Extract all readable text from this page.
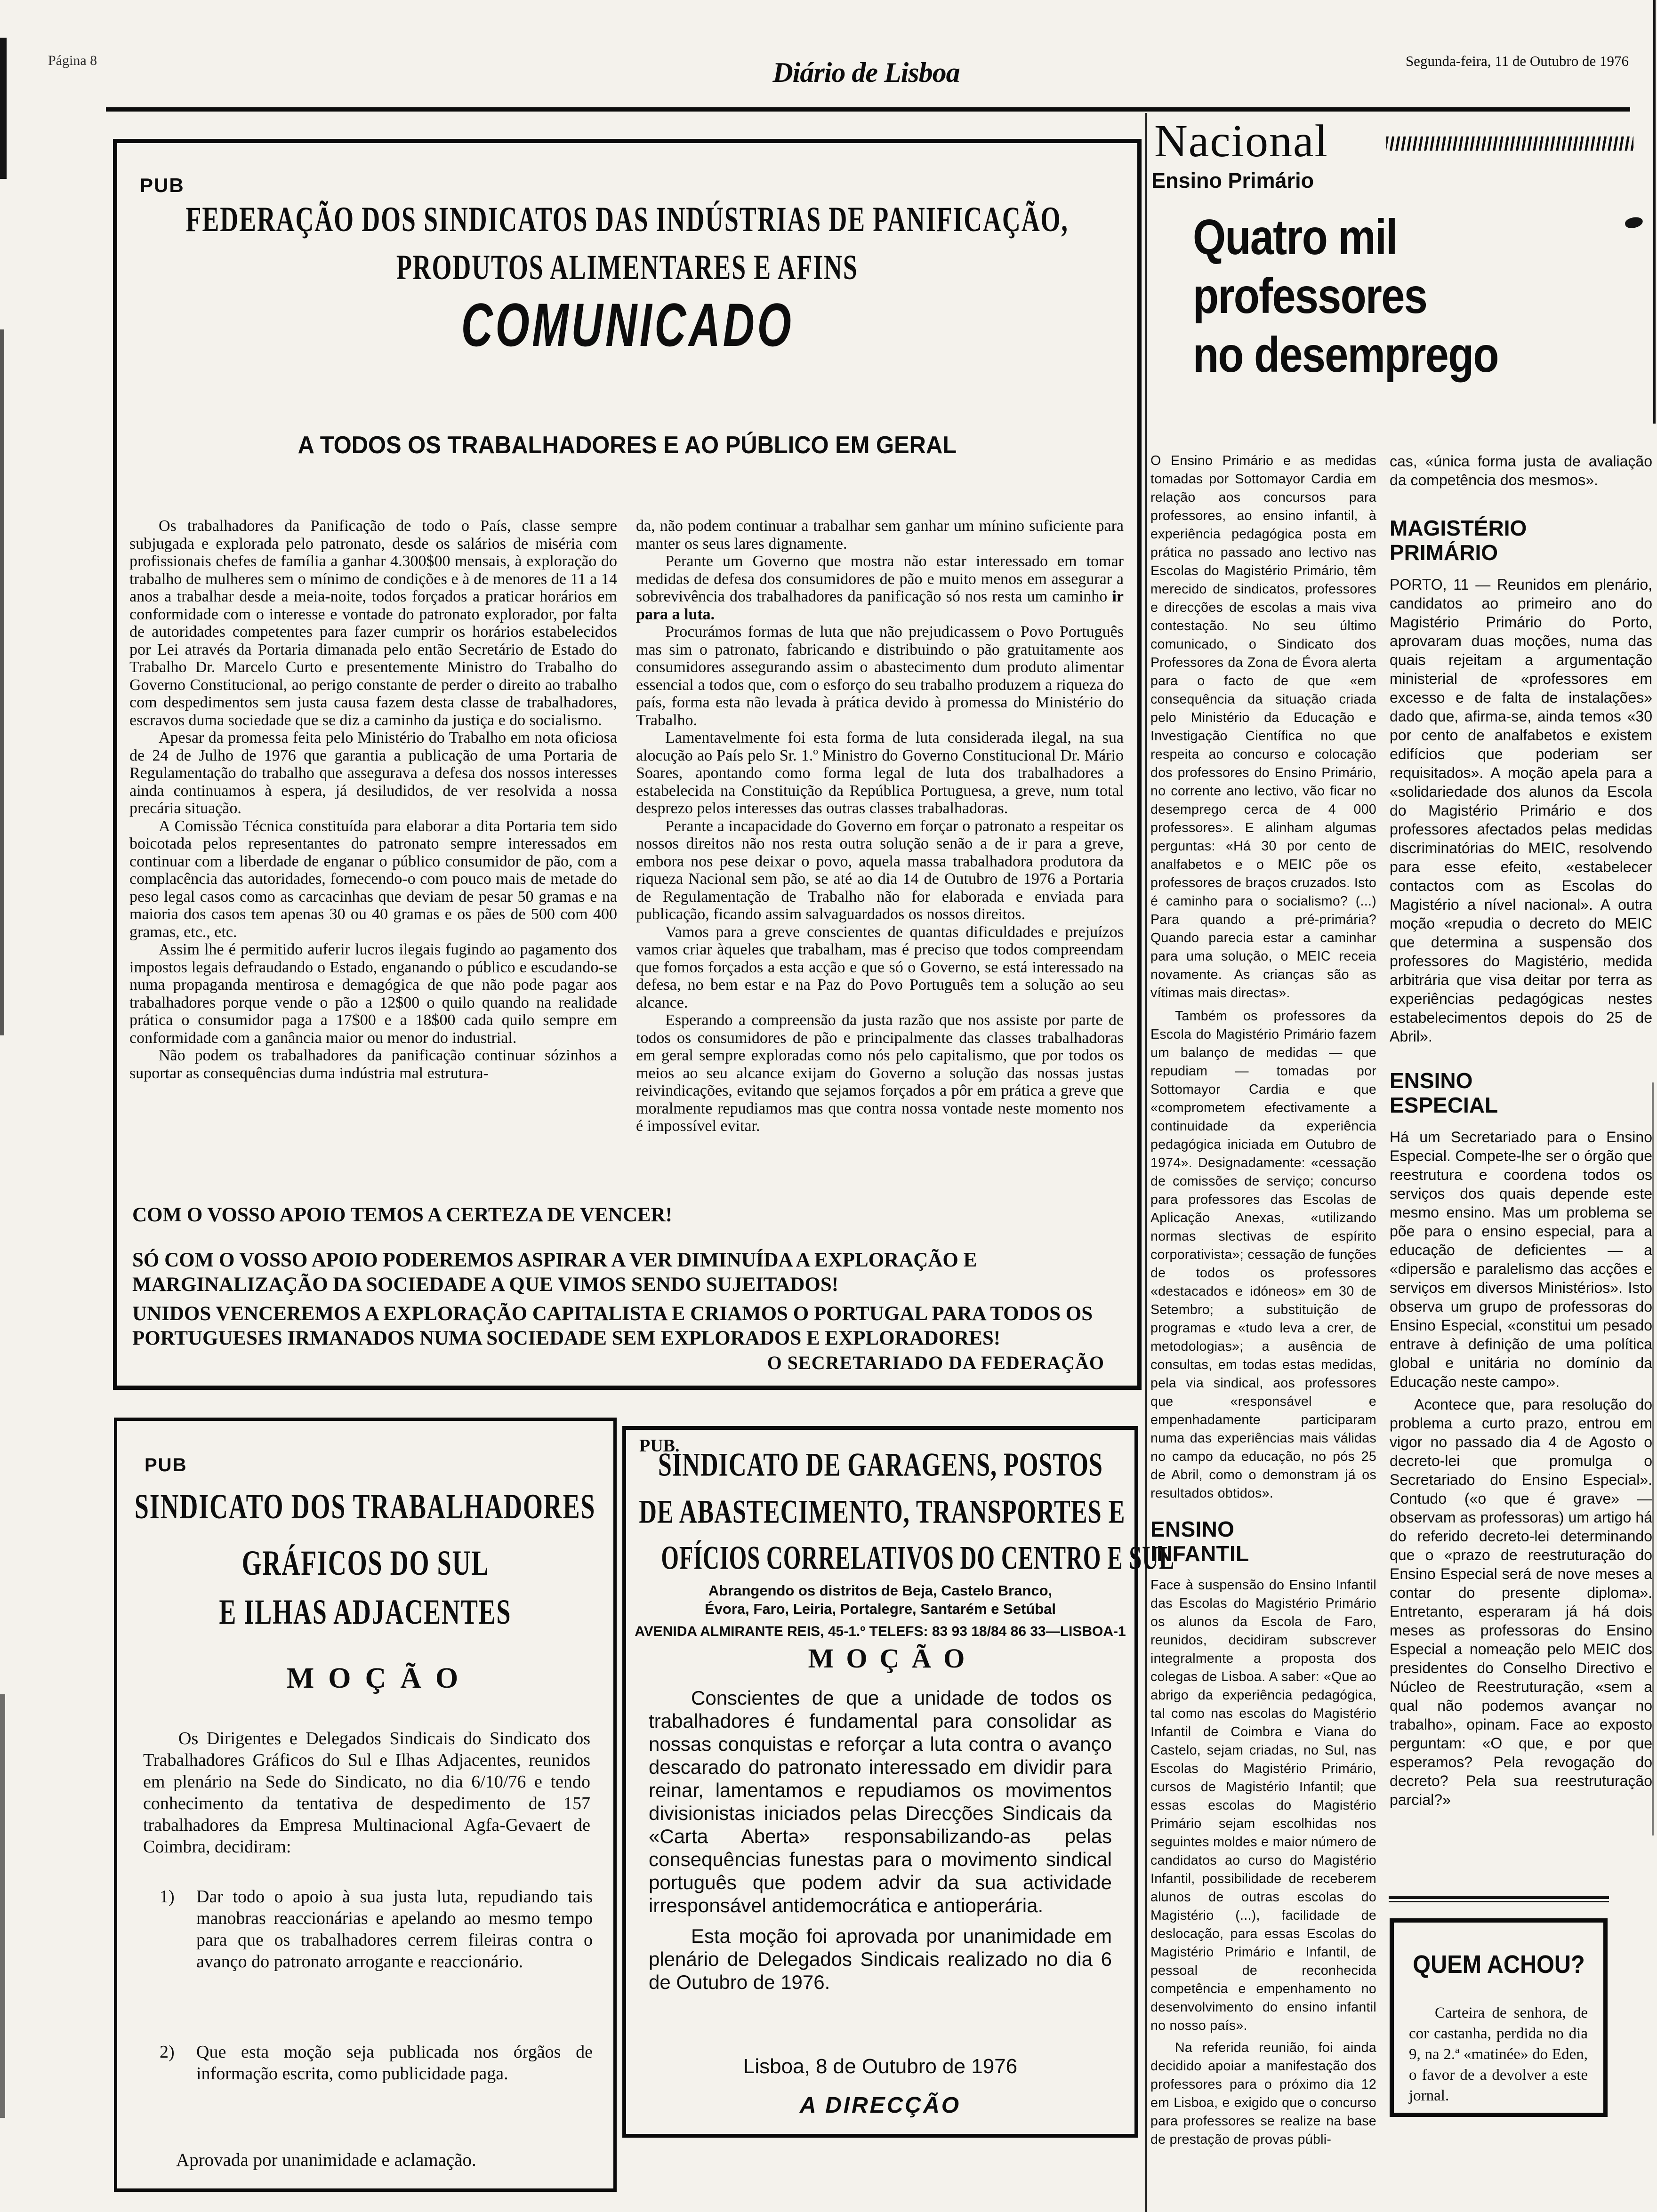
Página 8	Diário de Lisboa	Segunda-feira, 11 de Outubro de 1976
PUB
FEDERAÇÃO DOS SINDICATOS DAS INDÚSTRIAS DE PANIFICAÇÃO,
PRODUTOS ALIMENTARES E AFINS
COMUNICADO
A TODOS OS TRABALHADORES E AO PÚBLICO EM GERAL

Os trabalhadores da Panificação de todo o País, classe sempre subjugada e explorada pelo patronato, desde os salários de miséria com profissionais chefes de família a ganhar 4.300$00 mensais, à exploração do trabalho de mulheres sem o mínimo de condições e à de menores de 11 a 14 anos a trabalhar desde a meia-noite, todos forçados a praticar horários em conformidade com o interesse e vontade do patronato explorador, por falta de autoridades competentes para fazer cumprir os horários estabelecidos por Lei através da Portaria dimanada pelo então Secretário de Estado do Trabalho Dr. Marcelo Curto e presentemente Ministro do Trabalho do Governo Constitucional, ao perigo constante de perder o direito ao trabalho com despedimentos sem justa causa fazem desta classe de trabalhadores, escravos duma sociedade que se diz a caminho da justiça e do socialismo.

Apesar da promessa feita pelo Ministério do Trabalho em nota oficiosa de 24 de Julho de 1976 que garantia a publicação de uma Portaria de Regulamentação do trabalho que assegurava a defesa dos nossos interesses ainda continuamos à espera, já desiludidos, de ver resolvida a nossa precária situação.

A Comissão Técnica constituída para elaborar a dita Portaria tem sido boicotada pelos representantes do patronato sempre interessados em continuar com a liberdade de enganar o público consumidor de pão, com a complacência das autoridades, fornecendo-o com pouco mais de metade do peso legal casos como as carcacinhas que deviam de pesar 50 gramas e na maioria dos casos tem apenas 30 ou 40 gramas e os pães de 500 com 400 gramas, etc., etc.

Assim lhe é permitido auferir lucros ilegais fugindo ao pagamento dos impostos legais defraudando o Estado, enganando o público e escudando-se numa propaganda mentirosa e demagógica de que não pode pagar aos trabalhadores porque vende o pão a 12$00 o quilo quando na realidade prática o consumidor paga a 17$00 e a 18$00 cada quilo sempre em conformidade com a ganância maior ou menor do industrial.

Não podem os trabalhadores da panificação continuar sózinhos a suportar as consequências duma indústria mal estrutura-

da, não podem continuar a trabalhar sem ganhar um mínino suficiente para manter os seus lares dignamente.

Perante um Governo que mostra não estar interessado em tomar medidas de defesa dos consumidores de pão e muito menos em assegurar a sobrevivência dos trabalhadores da panificação só nos resta um caminho ir para a luta.

Procurámos formas de luta que não prejudicassem o Povo Português mas sim o patronato, fabricando e distribuindo o pão gratuitamente aos consumidores assegurando assim o abastecimento dum produto alimentar essencial a todos que, com o esforço do seu trabalho produzem a riqueza do país, forma esta não levada à prática devido à promessa do Ministério do Trabalho.

Lamentavelmente foi esta forma de luta considerada ilegal, na sua alocução ao País pelo Sr. 1.º Ministro do Governo Constitucional Dr. Mário Soares, apontando como forma legal de luta dos trabalhadores a estabelecida na Constituição da República Portuguesa, a greve, num total desprezo pelos interesses das outras classes trabalhadoras.

Perante a incapacidade do Governo em forçar o patronato a respeitar os nossos direitos não nos resta outra solução senão a de ir para a greve, embora nos pese deixar o povo, aquela massa trabalhadora produtora da riqueza Nacional sem pão, se até ao dia 14 de Outubro de 1976 a Portaria de Regulamentação de Trabalho não for elaborada e enviada para publicação, ficando assim salvaguardados os nossos direitos.

Vamos para a greve conscientes de quantas dificuldades e prejuízos vamos criar àqueles que trabalham, mas é preciso que todos compreendam que fomos forçados a esta acção e que só o Governo, se está interessado na defesa, no bem estar e na Paz do Povo Português tem a solução ao seu alcance.

Esperando a compreensão da justa razão que nos assiste por parte de todos os consumidores de pão e principalmente das classes trabalhadoras em geral sempre exploradas como nós pelo capitalismo, que por todos os meios ao seu alcance exijam do Governo a solução das nossas justas reivindicações, evitando que sejamos forçados a pôr em prática a greve que moralmente repudiamos mas que contra nossa vontade neste momento nos é impossível evitar.

COM O VOSSO APOIO TEMOS A CERTEZA DE VENCER!
SÓ COM O VOSSO APOIO PODEREMOS ASPIRAR A VER DIMINUÍDA A EXPLORAÇÃO E MARGINALIZAÇÃO DA SOCIEDADE A QUE VIMOS SENDO SUJEITADOS!
UNIDOS VENCEREMOS A EXPLORAÇÃO CAPITALISTA E CRIAMOS O PORTUGAL PARA TODOS OS PORTUGUESES IRMANADOS NUMA SOCIEDADE SEM EXPLORADOS E EXPLORADORES!
O SECRETARIADO DA FEDERAÇÃO
Nacional
Ensino Primário
Quatro mil
professores
no desemprego

O Ensino Primário e as medidas tomadas por Sottomayor Cardia em relação aos concursos para professores, ao ensino infantil, à experiência pedagógica posta em prática no passado ano lectivo nas Escolas do Magistério Primário, têm merecido de sindicatos, professores e direcções de escolas a mais viva contestação. No seu último comunicado, o Sindicato dos Professores da Zona de Évora alerta para o facto de que «em consequência da situação criada pelo Ministério da Educação e Investigação Científica no que respeita ao concurso e colocação dos professores do Ensino Primário, no corrente ano lectivo, vão ficar no desemprego cerca de 4 000 professores». E alinham algumas perguntas: «Há 30 por cento de analfabetos e o MEIC põe os professores de braços cruzados. Isto é caminho para o socialismo? (...) Para quando a pré-primária? Quando parecia estar a caminhar para uma solução, o MEIC receia novamente. As crianças são as vítimas mais directas».

Também os professores da Escola do Magistério Primário fazem um balanço de medidas — que repudiam — tomadas por Sottomayor Cardia e que «comprometem efectivamente a continuidade da experiência pedagógica iniciada em Outubro de 1974». Designadamente: «cessação de comissões de serviço; concurso para professores das Escolas de Aplicação Anexas, «utilizando normas slectivas de espírito corporativista»; cessação de funções de todos os professores «destacados e idóneos» em 30 de Setembro; a substituição de programas e «tudo leva a crer, de metodologias»; a ausência de consultas, em todas estas medidas, pela via sindical, aos professores que «responsável e empenhadamente participaram numa das experiências mais válidas no campo da educação, no pós 25 de Abril, como o demonstram já os resultados obtidos».

ENSINO
INFANTIL

Face à suspensão do Ensino Infantil das Escolas do Magistério Primário os alunos da Escola de Faro, reunidos, decidiram subscrever integralmente a proposta dos colegas de Lisboa. A saber: «Que ao abrigo da experiência pedagógica, tal como nas escolas do Magistério Infantil de Coimbra e Viana do Castelo, sejam criadas, no Sul, nas Escolas do Magistério Primário, cursos de Magistério Infantil; que essas escolas do Magistério Primário sejam escolhidas nos seguintes moldes e maior número de candidatos ao curso do Magistério Infantil, possibilidade de receberem alunos de outras escolas do Magistério (...), facilidade de deslocação, para essas Escolas do Magistério Primário e Infantil, de pessoal de reconhecida competência e empenhamento no desenvolvimento do ensino infantil no nosso país».

Na referida reunião, foi ainda decidido apoiar a manifestação dos professores para o próximo dia 12 em Lisboa, e exigido que o concurso para professores se realize na base de prestação de provas públi-

cas, «única forma justa de avaliação da competência dos mesmos».

MAGISTÉRIO
PRIMÁRIO

PORTO, 11 — Reunidos em plenário, candidatos ao primeiro ano do Magistério Primário do Porto, aprovaram duas moções, numa das quais rejeitam a argumentação ministerial de «professores em excesso e de falta de instalações» dado que, afirma-se, ainda temos «30 por cento de analfabetos e existem edifícios que poderiam ser requisitados». A moção apela para a «solidariedade dos alunos da Escola do Magistério Primário e dos professores afectados pelas medidas discriminatórias do MEIC, resolvendo para esse efeito, «estabelecer contactos com as Escolas do Magistério a nível nacional». A outra moção «repudia o decreto do MEIC que determina a suspensão dos professores do Magistério, medida arbitrária que visa deitar por terra as experiências pedagógicas nestes estabelecimentos depois do 25 de Abril».

ENSINO
ESPECIAL

Há um Secretariado para o Ensino Especial. Compete-lhe ser o órgão que reestrutura e coordena todos os serviços dos quais depende este mesmo ensino. Mas um problema se põe para o ensino especial, para a educação de deficientes — a «dipersão e paralelismo das acções e serviços em diversos Ministérios». Isto observa um grupo de professoras do Ensino Especial, «constitui um pesado entrave à definição de uma política global e unitária no domínio da Educação neste campo».

Acontece que, para resolução do problema a curto prazo, entrou em vigor no passado dia 4 de Agosto o decreto-lei que promulga o Secretariado do Ensino Especial». Contudo («o que é grave» — observam as professoras) um artigo há do referido decreto-lei determinando que o «prazo de reestruturação do Ensino Especial será de nove meses a contar do presente diploma». Entretanto, esperaram já há dois meses as professoras do Ensino Especial a nomeação pelo MEIC dos presidentes do Conselho Directivo e Núcleo de Reestruturação, «sem a qual não podemos avançar no trabalho», opinam. Face ao exposto perguntam: «O que, e por que esperamos? Pela revogação do decreto? Pela sua reestruturação parcial?»

QUEM ACHOU?
Carteira de senhora, de cor castanha, perdida no dia 9, na 2.ª «matinée» do Eden, o favor de a devolver a este jornal.
PUB
SINDICATO DOS TRABALHADORES
GRÁFICOS DO SUL
E ILHAS ADJACENTES
MOÇÃO
Os Dirigentes e Delegados Sindicais do Sindicato dos Trabalhadores Gráficos do Sul e Ilhas Adjacentes, reunidos em plenário na Sede do Sindicato, no dia 6/10/76 e tendo conhecimento da tentativa de despedimento de 157 trabalhadores da Empresa Multinacional Agfa-Gevaert de Coimbra, decidiram:
1)	Dar todo o apoio à sua justa luta, repudiando tais manobras reaccionárias e apelando ao mesmo tempo para que os trabalhadores cerrem fileiras contra o avanço do patronato arrogante e reaccionário.
2)	Que esta moção seja publicada nos órgãos de informação escrita, como publicidade paga.
Aprovada por unanimidade e aclamação.
PUB.
SINDICATO DE GARAGENS, POSTOS
DE ABASTECIMENTO, TRANSPORTES E
OFÍCIOS CORRELATIVOS DO CENTRO E SUL
Abrangendo os distritos de Beja, Castelo Branco,
Évora, Faro, Leiria, Portalegre, Santarém e Setúbal
AVENIDA ALMIRANTE REIS, 45-1.º TELEFS: 83 93 18/84 86 33—LISBOA-1
MOÇÃO

Conscientes de que a unidade de todos os trabalhadores é fundamental para consolidar as nossas conquistas e reforçar a luta contra o avanço descarado do patronato interessado em dividir para reinar, lamentamos e repudiamos os movimentos divisionistas iniciados pelas Direcções Sindicais da «Carta Aberta» responsabilizando-as pelas consequências funestas para o movimento sindical português que podem advir da sua actividade irresponsável antidemocrática e antioperária.

Esta moção foi aprovada por unanimidade em plenário de Delegados Sindicais realizado no dia 6 de Outubro de 1976.

Lisboa, 8 de Outubro de 1976
A DIRECÇÃO
